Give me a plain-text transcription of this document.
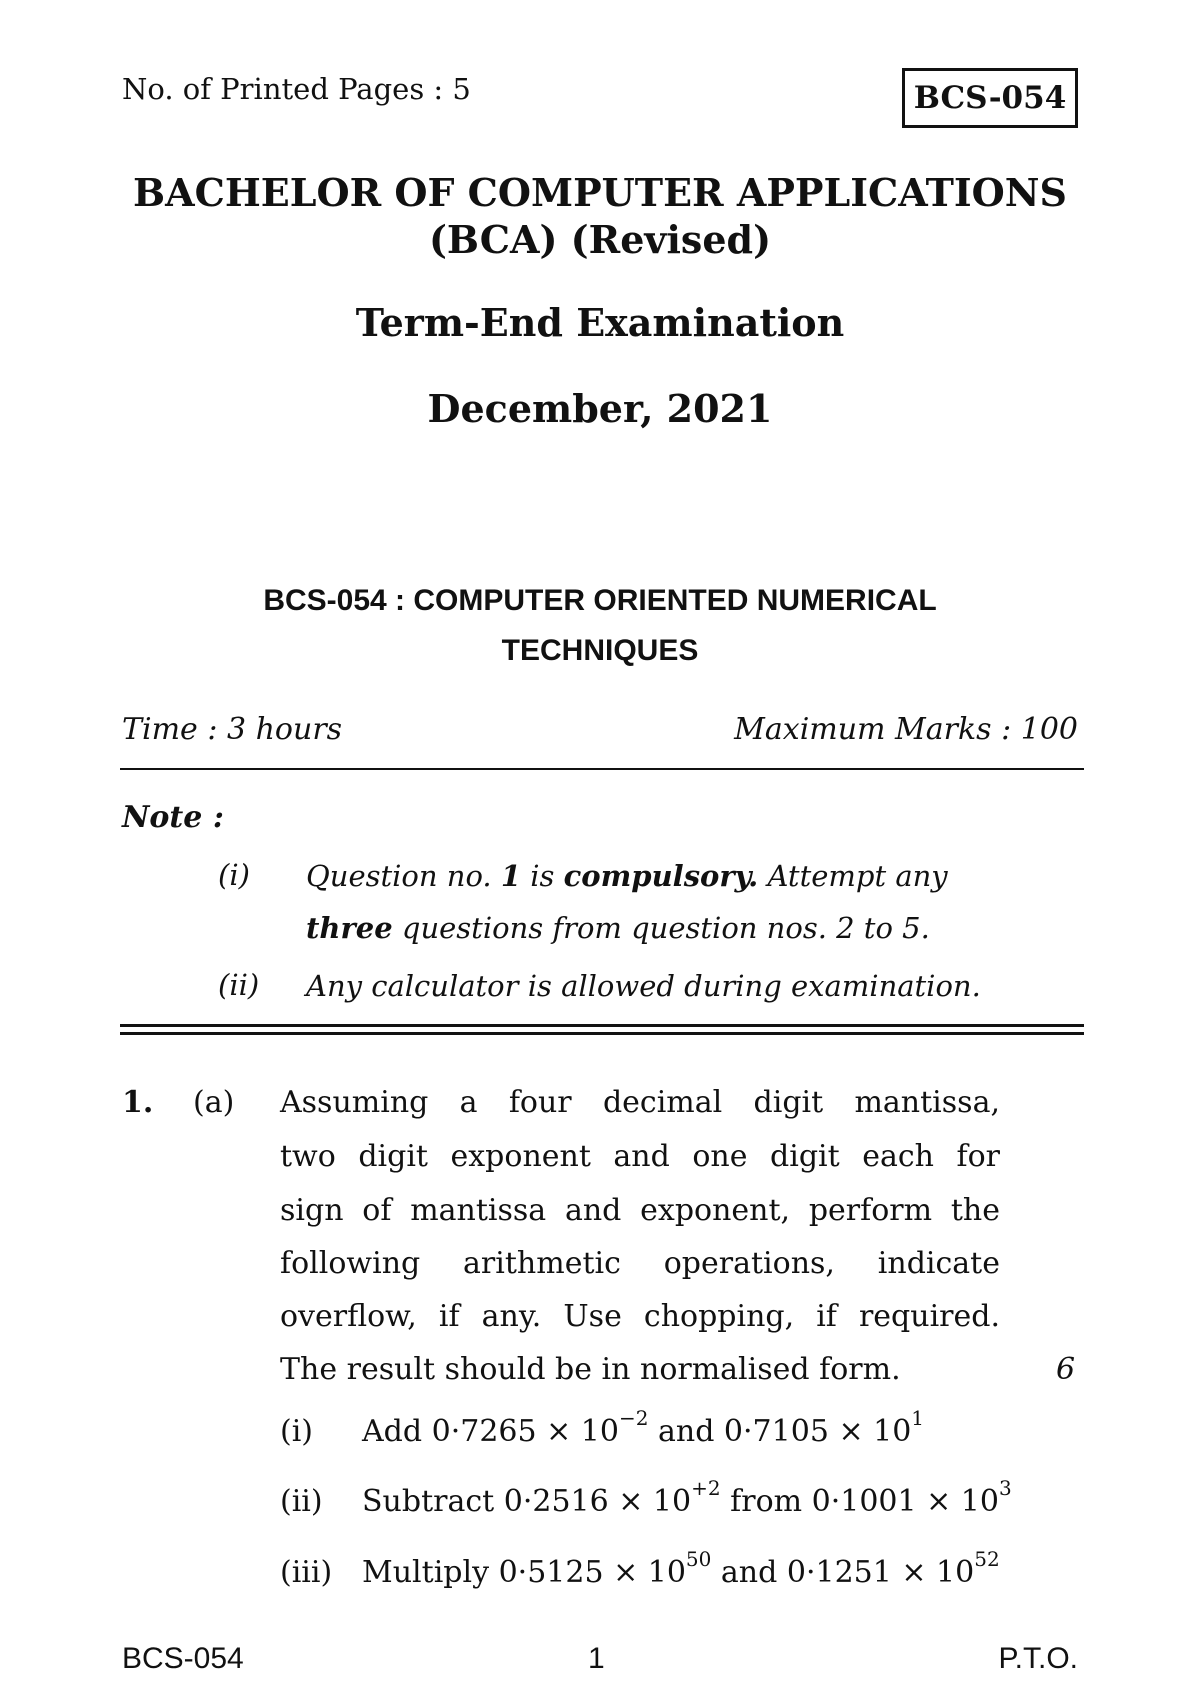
No. of Printed Pages : 5	BCS-054
BACHELOR OF COMPUTER APPLICATIONS
(BCA) (Revised)
Term-End Examination
December, 2021
BCS-054 : COMPUTER ORIENTED NUMERICAL
TECHNIQUES
Time : 3 hours	Maximum Marks : 100
Note :
(i) Question no. 1 is compulsory. Attempt any
three questions from question nos. 2 to 5.
(ii) Any calculator is allowed during examination.
1. (a) Assuming a four decimal digit mantissa,
two digit exponent and one digit each for
sign of mantissa and exponent, perform the
following arithmetic operations, indicate
overflow, if any. Use chopping, if required.
The result should be in normalised form.	6
(i) Add $0\cdot 7265 \times 10^{-2}$ and $0\cdot 7105 \times 10^1$
(ii) Subtract $0\cdot 2516 \times 10^{+2}$ from $0\cdot 1001 \times 10^3$
(iii) Multiply $0\cdot 5125 \times 10^{50}$ and $0\cdot 1251 \times 10^{52}$
BCS-054	1	P.T.O.
